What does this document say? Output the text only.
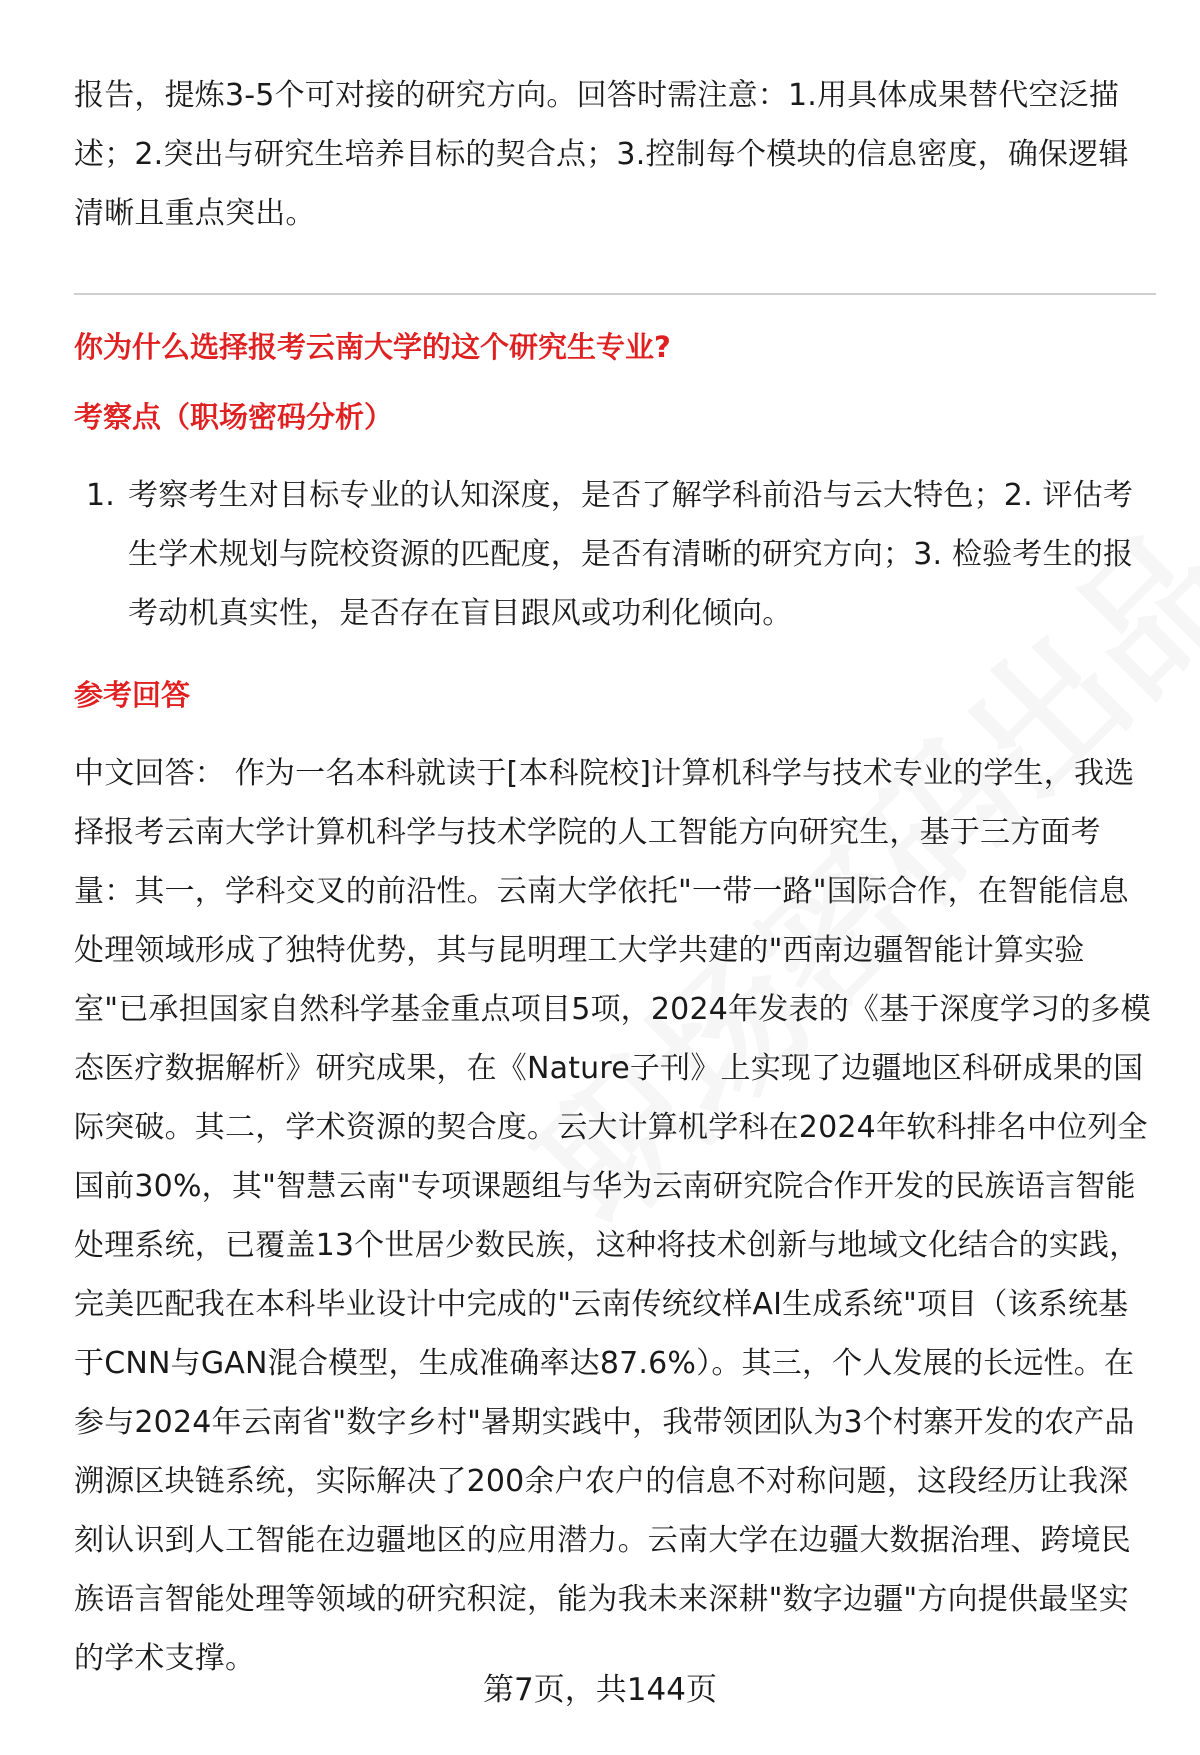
报告，提炼3-5个可对接的研究方向。回答时需注意：1.用具体成果替代空泛描述；2.突出与研究生培养目标的契合点；3.控制每个模块的信息密度，确保逻辑清晰且重点突出。

你为什么选择报考云南大学的这个研究生专业?
考察点（职场密码分析）
1. 考察考生对目标专业的认知深度，是否了解学科前沿与云大特色；2. 评估考生学术规划与院校资源的匹配度，是否有清晰的研究方向；3. 检验考生的报考动机真实性，是否存在盲目跟风或功利化倾向。
参考回答

中文回答： 作为一名本科就读于[本科院校]计算机科学与技术专业的学生，我选择报考云南大学计算机科学与技术学院的人工智能方向研究生，基于三方面考量：其一，学科交叉的前沿性。云南大学依托"一带一路"国际合作，在智能信息处理领域形成了独特优势，其与昆明理工大学共建的"西南边疆智能计算实验室"已承担国家自然科学基金重点项目5项，2024年发表的《基于深度学习的多模态医疗数据解析》研究成果，在《Nature子刊》上实现了边疆地区科研成果的国际突破。其二，学术资源的契合度。云大计算机学科在2024年软科排名中位列全国前30%，其"智慧云南"专项课题组与华为云南研究院合作开发的民族语言智能处理系统，已覆盖13个世居少数民族，这种将技术创新与地域文化结合的实践，完美匹配我在本科毕业设计中完成的"云南传统纹样AI生成系统"项目（该系统基于CNN与GAN混合模型，生成准确率达87.6%）。其三，个人发展的长远性。在参与2024年云南省"数字乡村"暑期实践中，我带领团队为3个村寨开发的农产品溯源区块链系统，实际解决了200余户农户的信息不对称问题，这段经历让我深刻认识到人工智能在边疆地区的应用潜力。云南大学在边疆大数据治理、跨境民族语言智能处理等领域的研究积淀，能为我未来深耕"数字边疆"方向提供最坚实的学术支撑。

第7页，共144页
